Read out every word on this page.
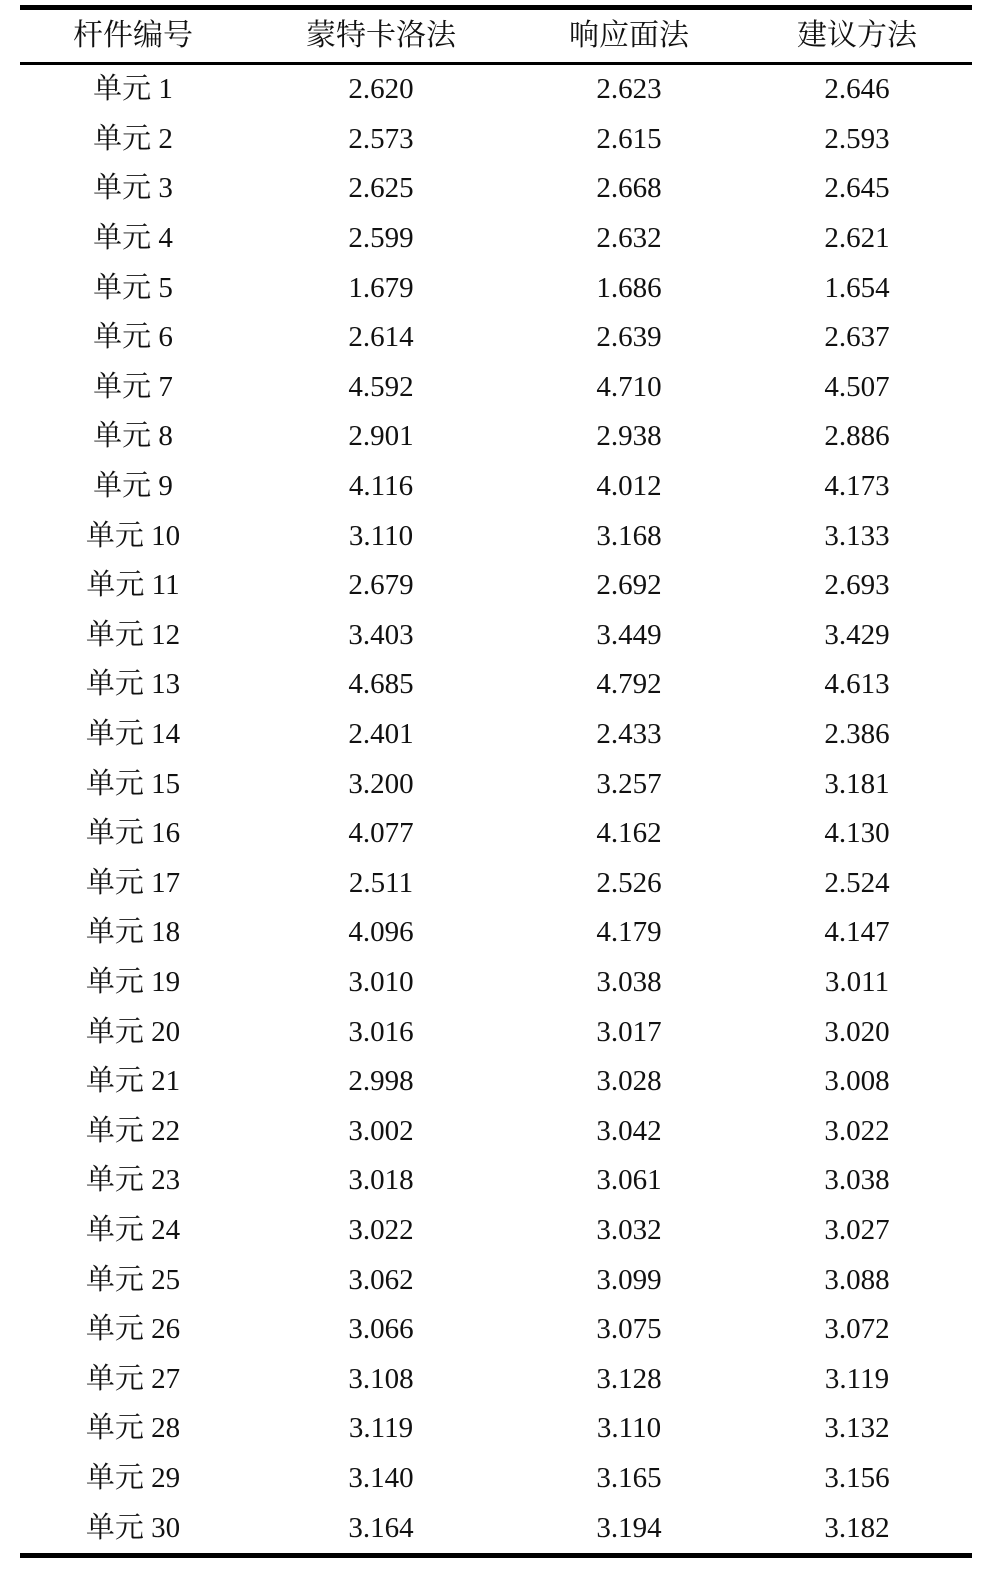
杆件编号	蒙特卡洛法	响应面法	建议方法
单元 1	2.620	2.623	2.646
单元 2	2.573	2.615	2.593
单元 3	2.625	2.668	2.645
单元 4	2.599	2.632	2.621
单元 5	1.679	1.686	1.654
单元 6	2.614	2.639	2.637
单元 7	4.592	4.710	4.507
单元 8	2.901	2.938	2.886
单元 9	4.116	4.012	4.173
单元 10	3.110	3.168	3.133
单元 11	2.679	2.692	2.693
单元 12	3.403	3.449	3.429
单元 13	4.685	4.792	4.613
单元 14	2.401	2.433	2.386
单元 15	3.200	3.257	3.181
单元 16	4.077	4.162	4.130
单元 17	2.511	2.526	2.524
单元 18	4.096	4.179	4.147
单元 19	3.010	3.038	3.011
单元 20	3.016	3.017	3.020
单元 21	2.998	3.028	3.008
单元 22	3.002	3.042	3.022
单元 23	3.018	3.061	3.038
单元 24	3.022	3.032	3.027
单元 25	3.062	3.099	3.088
单元 26	3.066	3.075	3.072
单元 27	3.108	3.128	3.119
单元 28	3.119	3.110	3.132
单元 29	3.140	3.165	3.156
单元 30	3.164	3.194	3.182
